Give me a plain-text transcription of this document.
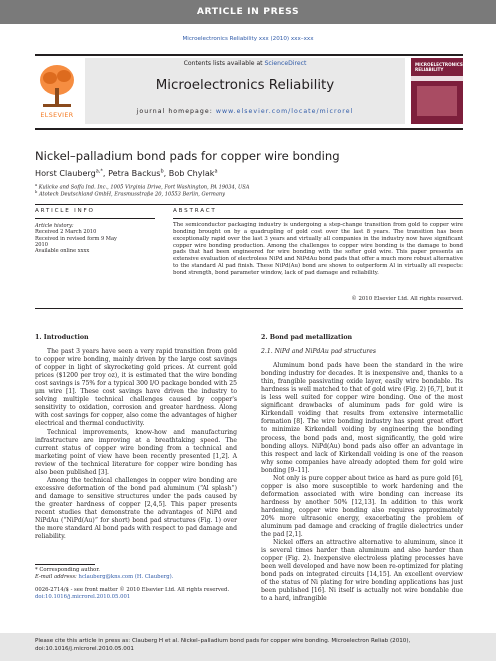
ARTICLE IN PRESS
Microelectronics Reliability xxx (2010) xxx–xxx
ELSEVIER
Contents lists available at ScienceDirect
Microelectronics Reliability
journal homepage: www.elsevier.com/locate/microrel
MICROELECTRONICS RELIABILITY
Nickel–palladium bond pads for copper wire bonding
Horst Clauberg$^{a,*}$, Petra Backus$^b$, Bob Chylak$^a$
$^a$ Kulicke and Soffa Ind. Inc., 1005 Virginia Drive, Fort Washington, PA 19034, USA
$^b$ Atotech Deutschland GmbH, Erasmusstraße 20, 10553 Berlin, Germany
ARTICLE INFO	ABSTRACT
Article history:
Received 2 March 2010
Received in revised form 9 May 2010
Available online xxxx
The semiconductor packaging industry is undergoing a step-change transition from gold to copper wire bonding brought on by a quadrupling of gold cost over the last 8 years. The transition has been exceptionally rapid over the last 3 years and virtually all companies in the industry now have significant copper wire bonding production. Among the challenges to copper wire bonding is the damage to bond pads that had been engineered for wire bonding with the softer gold wire. This paper presents an extensive evaluation of electroless NiPd and NiPdAu bond pads that offer a much more robust alternative to the standard Al pad finish. These NiPd(Au) bond are shown to outperform Al in virtually all respects: bond strength, bond parameter window, lack of pad damage and reliability.
© 2010 Elsevier Ltd. All rights reserved.

1. Introduction

The past 3 years have seen a very rapid transition from gold to copper wire bonding, mainly driven by the large cost savings of copper in light of skyrocketing gold prices. At current gold prices ($1200 per troy oz), it is estimated that the wire bonding cost savings is 75% for a typical 300 I/O package bonded with 25 μm wire [1]. These cost savings have driven the industry to solving multiple technical challenges caused by copper's sensitivity to oxidation, corrosion and greater hardness. Along with cost savings for copper, also come the advantages of higher electrical and thermal conductivity.

Technical improvements, know-how and manufacturing infrastructure are improving at a breathtaking speed. The current status of copper wire bonding from a technical and marketing point of view have been recently presented [1,2]. A review of the technical literature for copper wire bonding has also been published [3].

Among the technical challenges in copper wire bonding are excessive deformation of the bond pad aluminum (“Al splash”) and damage to sensitive structures under the pads caused by the greater hardness of copper [2,4,5]. This paper presents recent studies that demonstrate the advantages of NiPd and NiPdAu (“NiPd(Au)” for short) bond pad structures (Fig. 1) over the more standard Al bond pads with respect to pad damage and reliability.

2. Bond pad metallization

2.1. NiPd and NiPdAu pad structures

Aluminum bond pads have been the standard in the wire bonding industry for decades. It is inexpensive and, thanks to a thin, frangible passivating oxide layer, easily wire bondable. Its hardness is well matched to that of gold wire (Fig. 2) [6,7], but it is less well suited for copper wire bonding. One of the most significant drawbacks of aluminum pads for gold wire is Kirkendall voiding that results from extensive intermetallic formation [8]. The wire bonding industry has spent great effort to minimize Kirkendall voiding by engineering the bonding process, the bond pads and, most significantly, the gold wire bonding alloys. NiPd(Au) bond pads also offer an advantage in this respect and lack of Kirkendall voiding is one of the reason why some companies have already adopted them for gold wire bonding [9–11].

Not only is pure copper about twice as hard as pure gold [6], copper is also more susceptible to work hardening and the deformation associated with wire bonding can increase its hardness by another 50% [12,13]. In addition to this work hardening, copper wire bonding also requires approximately 20% more ultrasonic energy, exacerbating the problem of aluminum pad damage and cracking of fragile dielectrics under the pad [2,1].

Nickel offers an attractive alternative to aluminum, since it is several times harder than aluminum and also harder than copper (Fig. 2). Inexpensive electroless plating processes have been well developed and have now been re-optimized for plating bond pads on integrated circuits [14,15]. An excellent overview of the status of Ni plating for wire bonding applications has just been published [16]. Ni itself is actually not wire bondable due to a hard, infrangible

* Corresponding author.
E-mail address: hclauberg@kns.com (H. Clauberg).
0026-2714/$ - see front matter © 2010 Elsevier Ltd. All rights reserved.
doi:10.1016/j.microrel.2010.05.001
Please cite this article in press as: Clauberg H et al. Nickel–palladium bond pads for copper wire bonding. Microelectron Reliab (2010), doi:10.1016/j.microrel.2010.05.001
